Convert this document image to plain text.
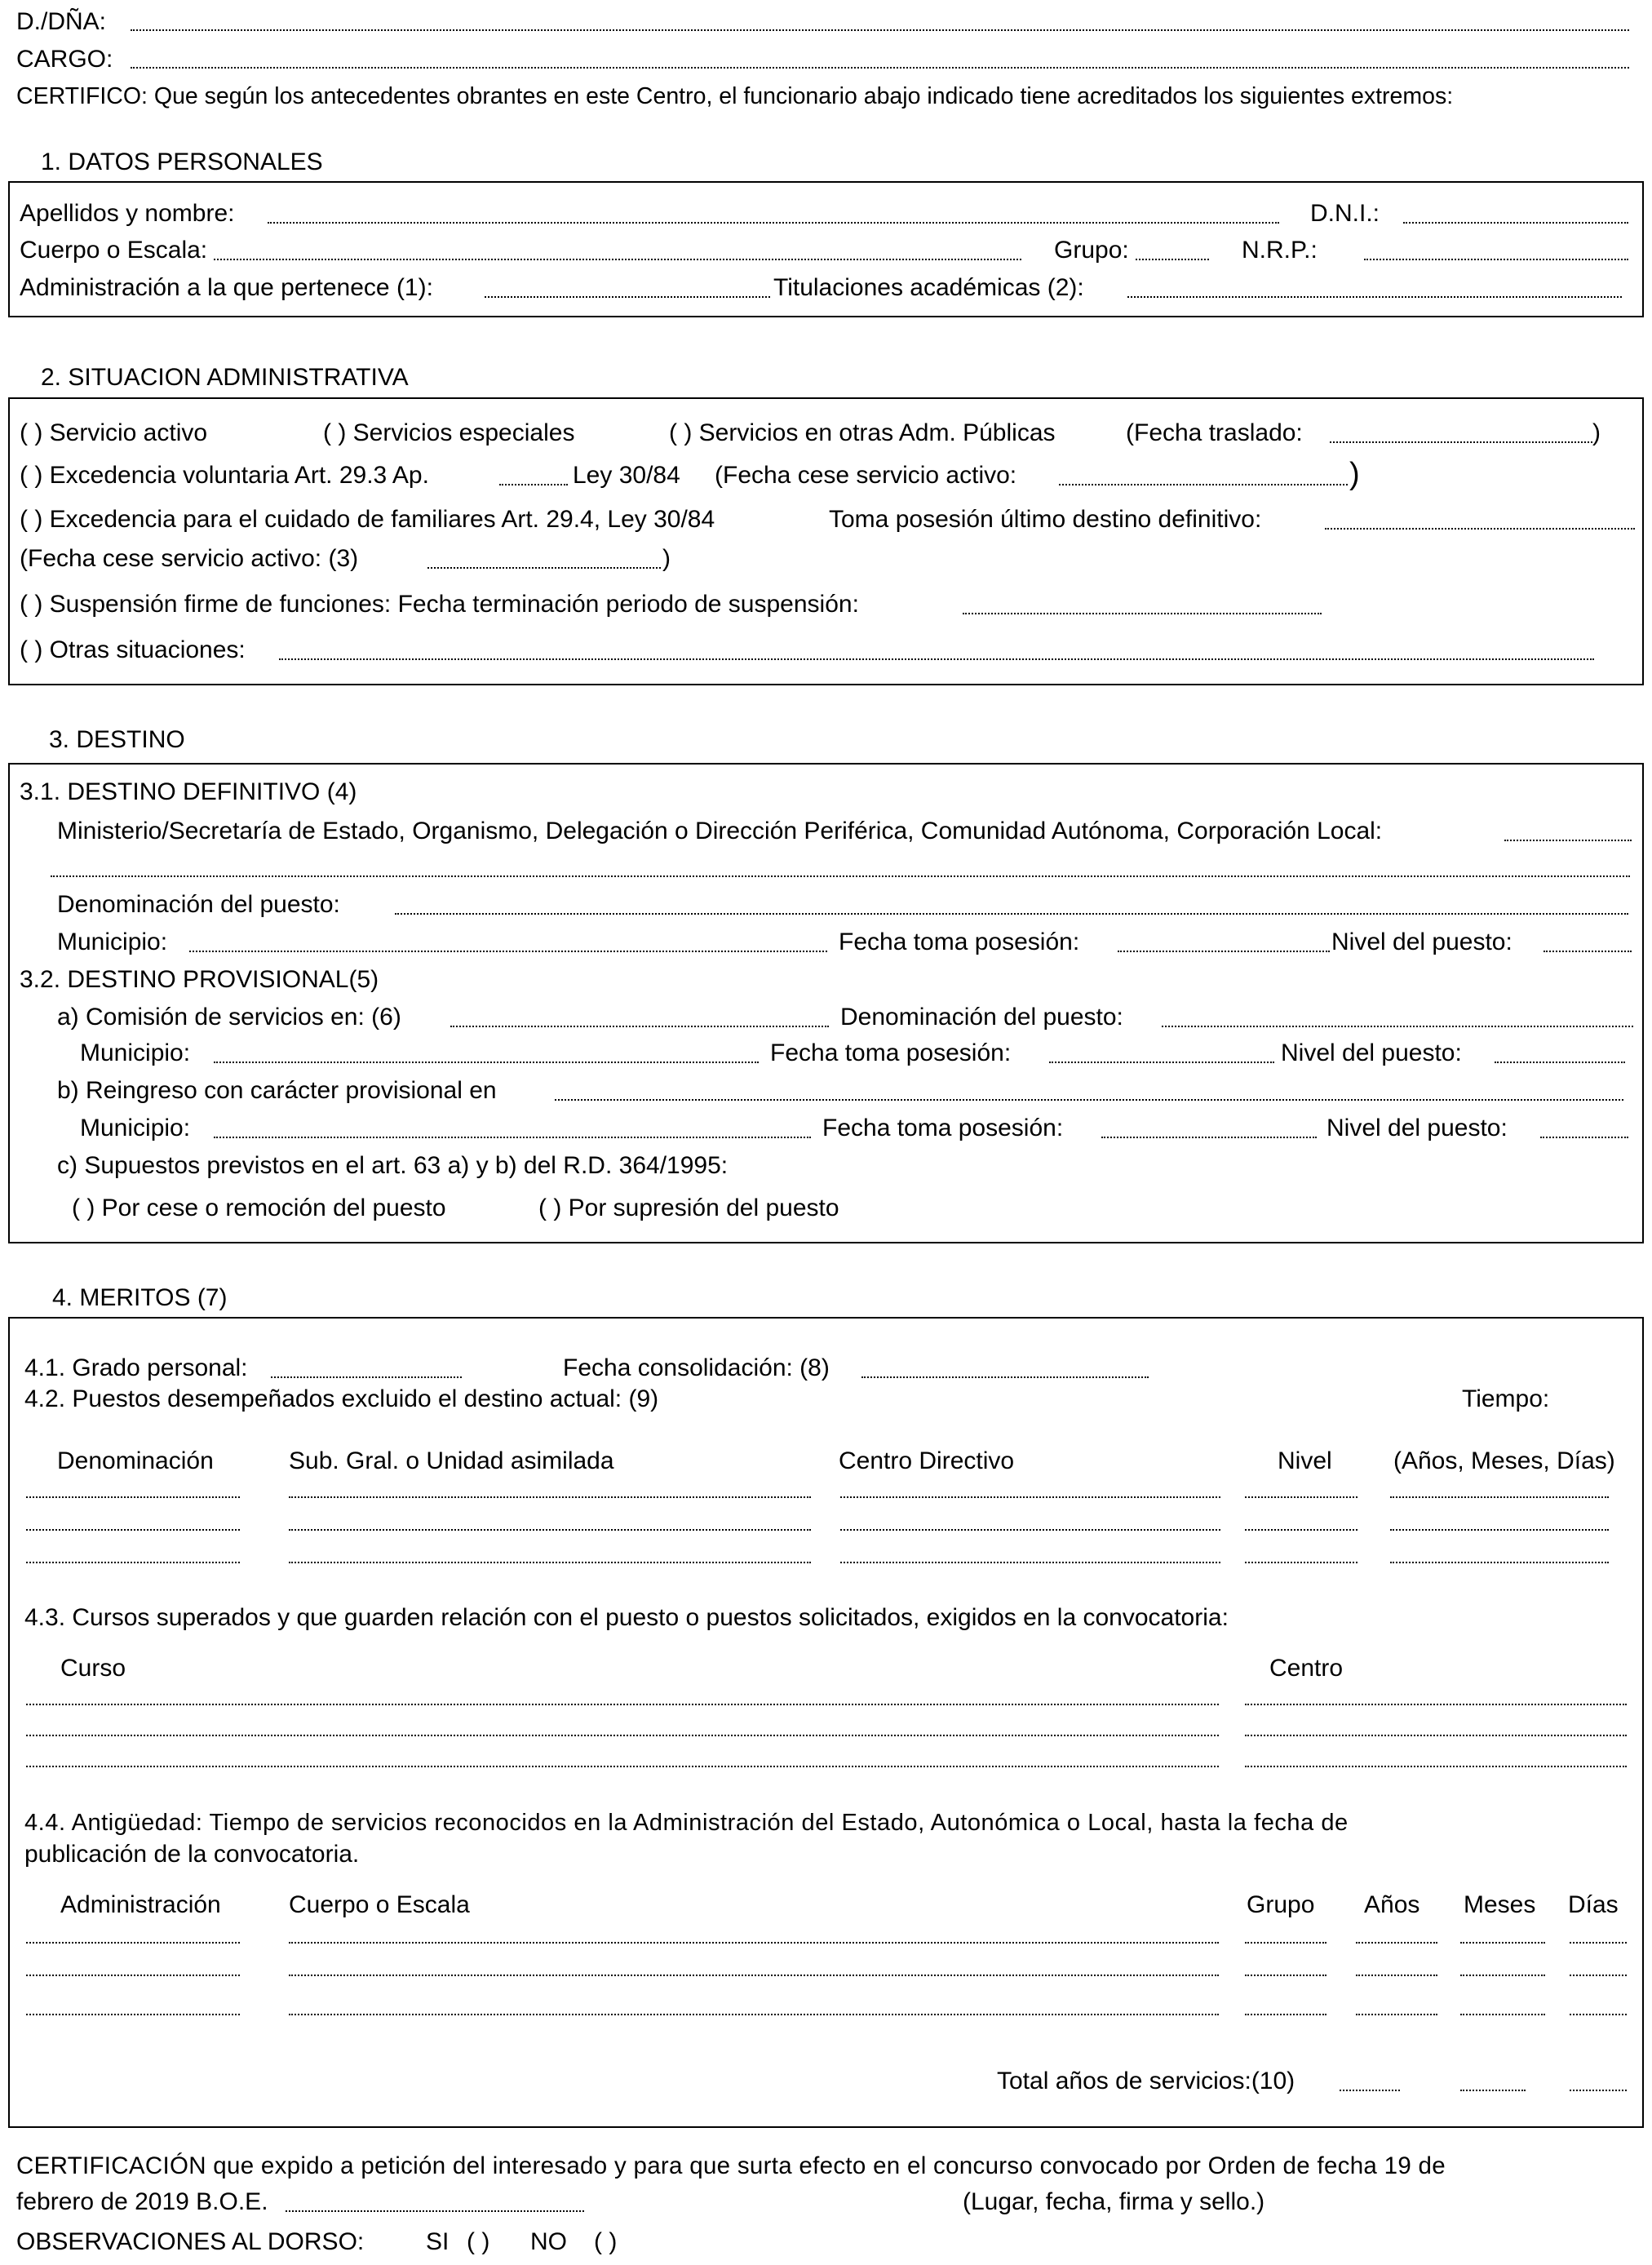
D./DÑA:
CARGO:
CERTIFICO: Que según los antecedentes obrantes en este Centro, el funcionario abajo indicado tiene acreditados los siguientes extremos:
1. DATOS PERSONALES
Apellidos y nombre:	D.N.I.:
Cuerpo o Escala:	Grupo:	N.R.P.:
Administración a la que pertenece (1):	Titulaciones académicas (2):
2. SITUACION ADMINISTRATIVA
( ) Servicio activo	( ) Servicios especiales	( ) Servicios en otras Adm. Públicas	(Fecha traslado:	)
( ) Excedencia voluntaria Art. 29.3 Ap.	Ley 30/84 (Fecha cese servicio activo:	)
( ) Excedencia para el cuidado de familiares Art. 29.4, Ley 30/84	Toma posesión último destino definitivo:
(Fecha cese servicio activo: (3)	)
( ) Suspensión firme de funciones: Fecha terminación periodo de suspensión:
( ) Otras situaciones:
3. DESTINO
3.1. DESTINO DEFINITIVO (4)
Ministerio/Secretaría de Estado, Organismo, Delegación o Dirección Periférica, Comunidad Autónoma, Corporación Local:
Denominación del puesto:
Municipio:	Fecha toma posesión:	Nivel del puesto:
3.2. DESTINO PROVISIONAL(5)
a) Comisión de servicios en: (6)	Denominación del puesto:
Municipio:	Fecha toma posesión:	Nivel del puesto:
b) Reingreso con carácter provisional en
Municipio:	Fecha toma posesión:	Nivel del puesto:
c) Supuestos previstos en el art. 63 a) y b) del R.D. 364/1995:
( ) Por cese o remoción del puesto	( ) Por supresión del puesto
4. MERITOS (7)
4.1. Grado personal:	Fecha consolidación: (8)
4.2. Puestos desempeñados excluido el destino actual: (9)	Tiempo:
Denominación	Sub. Gral. o Unidad asimilada	Centro Directivo	Nivel	(Años, Meses, Días)
4.3. Cursos superados y que guarden relación con el puesto o puestos solicitados, exigidos en la convocatoria:
Curso	Centro
4.4. Antigüedad: Tiempo de servicios reconocidos en la Administración del Estado, Autonómica o Local, hasta la fecha de
publicación de la convocatoria.
Administración	Cuerpo o Escala	Grupo Años Meses Días
Total años de servicios:(10)
CERTIFICACIÓN que expido a petición del interesado y para que surta efecto en el concurso convocado por Orden de fecha 19 de
febrero de 2019 B.O.E.	(Lugar, fecha, firma y sello.)
OBSERVACIONES AL DORSO:	SI ( ) NO ( )
